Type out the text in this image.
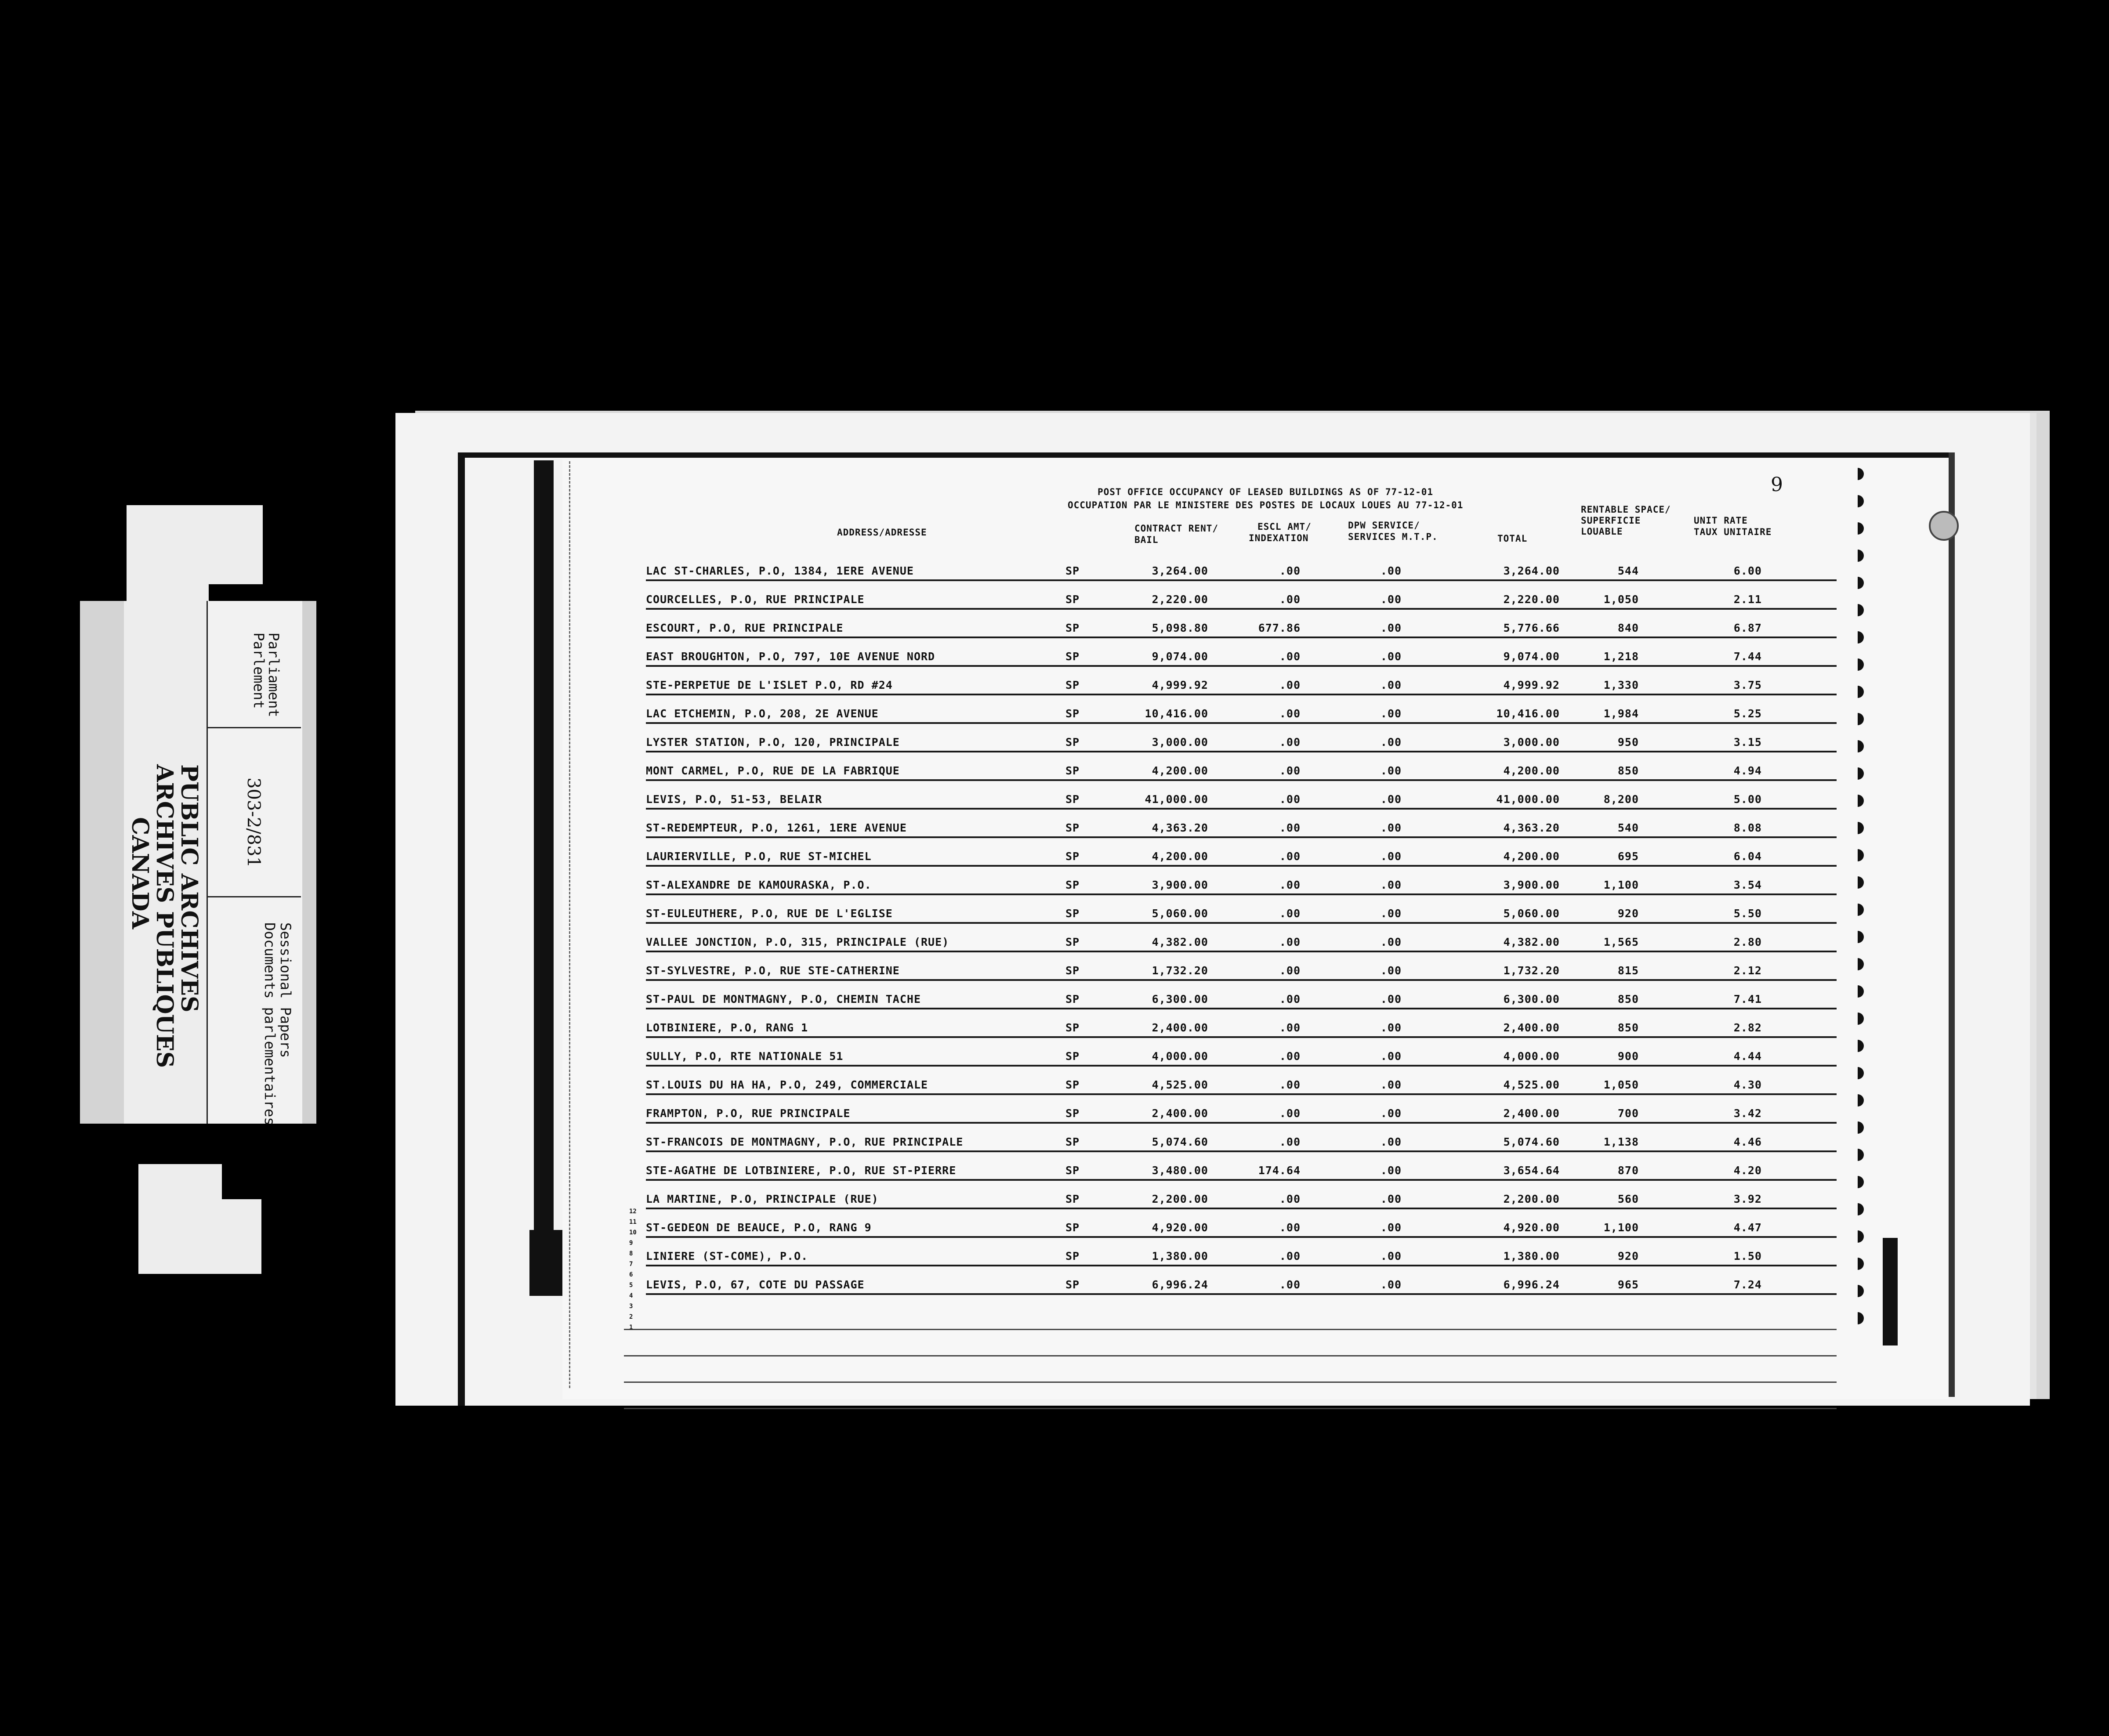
PUBLIC ARCHIVES
ARCHIVES PUBLIQUES
CANADA
Parliament
Parlement
303-2/831
Sessional Papers
Documents parlementaires
9
POST OFFICE OCCUPANCY OF LEASED BUILDINGS AS OF 77-12-01
OCCUPATION PAR LE MINISTERE DES POSTES DE LOCAUX LOUES AU 77-12-01
ADDRESS/ADRESSE	CONTRACT RENT/
BAIL
ESCL AMT/
INDEXATION
DPW SERVICE/
SERVICES M.T.P.	TOTAL
RENTABLE SPACE/
SUPERFICIE
LOUABLE
UNIT RATE
TAUX UNITAIRE
LAC ST-CHARLES, P.O, 1384, 1ERE AVENUE	SP	3,264.00	.00	.00	3,264.00	544	6.00
COURCELLES, P.O, RUE PRINCIPALE	SP	2,220.00	.00	.00	2,220.00	1,050	2.11
ESCOURT, P.O, RUE PRINCIPALE	SP	5,098.80	677.86	.00	5,776.66	840	6.87
EAST BROUGHTON, P.O, 797, 10E AVENUE NORD	SP	9,074.00	.00	.00	9,074.00	1,218	7.44
STE-PERPETUE DE L'ISLET P.O, RD #24	SP	4,999.92	.00	.00	4,999.92	1,330	3.75
LAC ETCHEMIN, P.O, 208, 2E AVENUE	SP	10,416.00	.00	.00	10,416.00	1,984	5.25
LYSTER STATION, P.O, 120, PRINCIPALE	SP	3,000.00	.00	.00	3,000.00	950	3.15
MONT CARMEL, P.O, RUE DE LA FABRIQUE	SP	4,200.00	.00	.00	4,200.00	850	4.94
LEVIS, P.O, 51-53, BELAIR	SP	41,000.00	.00	.00	41,000.00	8,200	5.00
ST-REDEMPTEUR, P.O, 1261, 1ERE AVENUE	SP	4,363.20	.00	.00	4,363.20	540	8.08
LAURIERVILLE, P.O, RUE ST-MICHEL	SP	4,200.00	.00	.00	4,200.00	695	6.04
ST-ALEXANDRE DE KAMOURASKA, P.O.	SP	3,900.00	.00	.00	3,900.00	1,100	3.54
ST-EULEUTHERE, P.O, RUE DE L'EGLISE	SP	5,060.00	.00	.00	5,060.00	920	5.50
VALLEE JONCTION, P.O, 315, PRINCIPALE (RUE)	SP	4,382.00	.00	.00	4,382.00	1,565	2.80
ST-SYLVESTRE, P.O, RUE STE-CATHERINE	SP	1,732.20	.00	.00	1,732.20	815	2.12
ST-PAUL DE MONTMAGNY, P.O, CHEMIN TACHE	SP	6,300.00	.00	.00	6,300.00	850	7.41
LOTBINIERE, P.O, RANG 1	SP	2,400.00	.00	.00	2,400.00	850	2.82
SULLY, P.O, RTE NATIONALE 51	SP	4,000.00	.00	.00	4,000.00	900	4.44
ST.LOUIS DU HA HA, P.O, 249, COMMERCIALE	SP	4,525.00	.00	.00	4,525.00	1,050	4.30
FRAMPTON, P.O, RUE PRINCIPALE	SP	2,400.00	.00	.00	2,400.00	700	3.42
ST-FRANCOIS DE MONTMAGNY, P.O, RUE PRINCIPALE	SP	5,074.60	.00	.00	5,074.60	1,138	4.46
STE-AGATHE DE LOTBINIERE, P.O, RUE ST-PIERRE	SP	3,480.00	174.64	.00	3,654.64	870	4.20
LA MARTINE, P.O, PRINCIPALE (RUE)	SP	2,200.00	.00	.00	2,200.00	560	3.92
ST-GEDEON DE BEAUCE, P.O, RANG 9	SP	4,920.00	.00	.00	4,920.00	1,100	4.47
LINIERE (ST-COME), P.O.	SP	1,380.00	.00	.00	1,380.00	920	1.50
LEVIS, P.O, 67, COTE DU PASSAGE	SP	6,996.24	.00	.00	6,996.24	965	7.24
12
11
10
9
8
7
6
5
4
3
2
1
